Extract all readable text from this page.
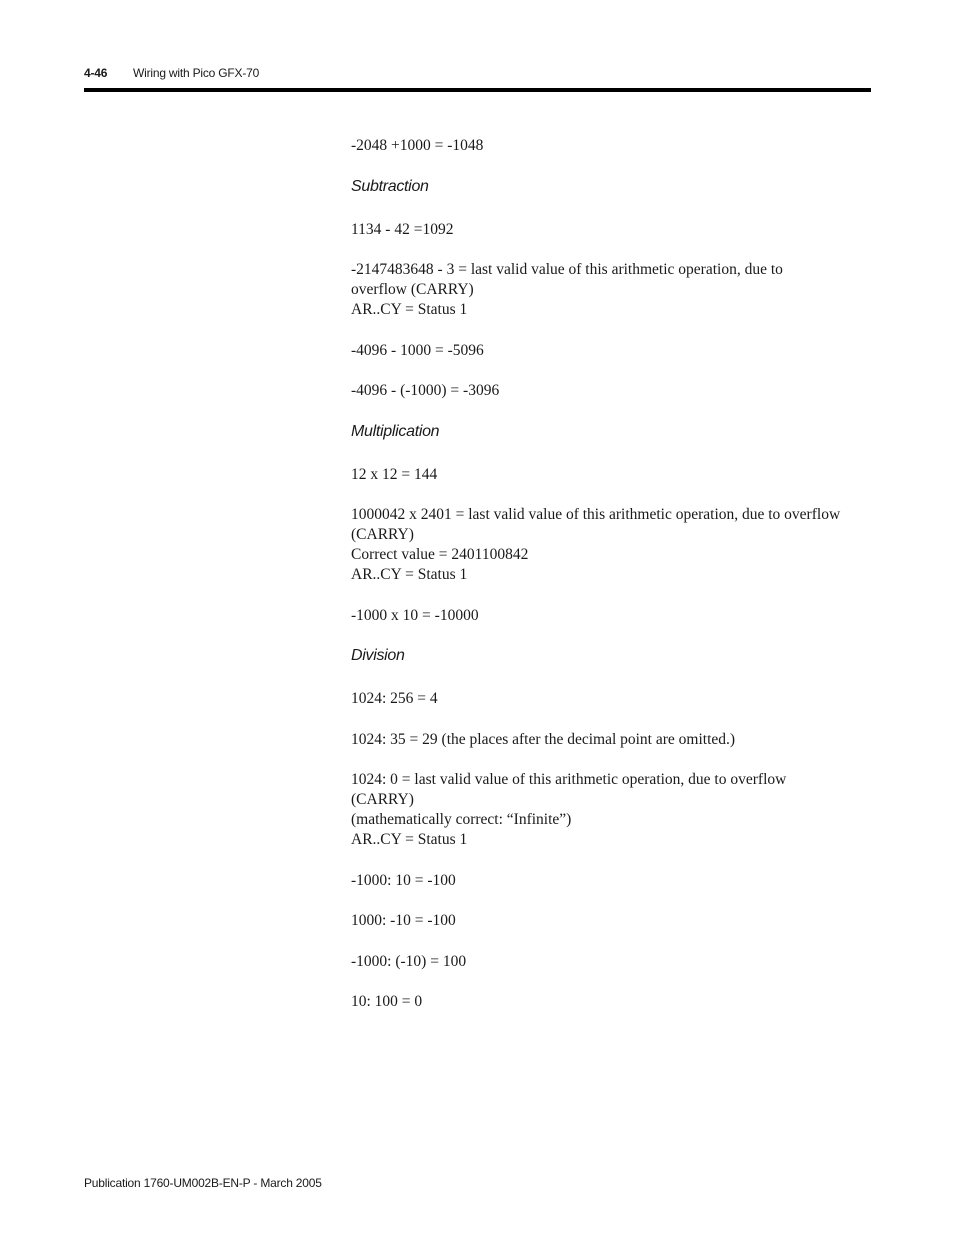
4-46 Wiring with Pico GFX-70
-2048 +1000 = -1048
Subtraction
1134 - 42 =1092
-2147483648 - 3 = last valid value of this arithmetic operation, due to
overflow (CARRY)
AR..CY = Status 1
-4096 - 1000 = -5096
-4096 - (-1000) = -3096
Multiplication
12 x 12 = 144
1000042 x 2401 = last valid value of this arithmetic operation, due to overflow
(CARRY)
Correct value = 2401100842
AR..CY = Status 1
-1000 x 10 = -10000
Division
1024: 256 = 4
1024: 35 = 29 (the places after the decimal point are omitted.)
1024: 0 = last valid value of this arithmetic operation, due to overflow
(CARRY)
(mathematically correct: “Infinite”)
AR..CY = Status 1
-1000: 10 = -100
1000: -10 = -100
-1000: (-10) = 100
10: 100 = 0
Publication 1760-UM002B-EN-P - March 2005
